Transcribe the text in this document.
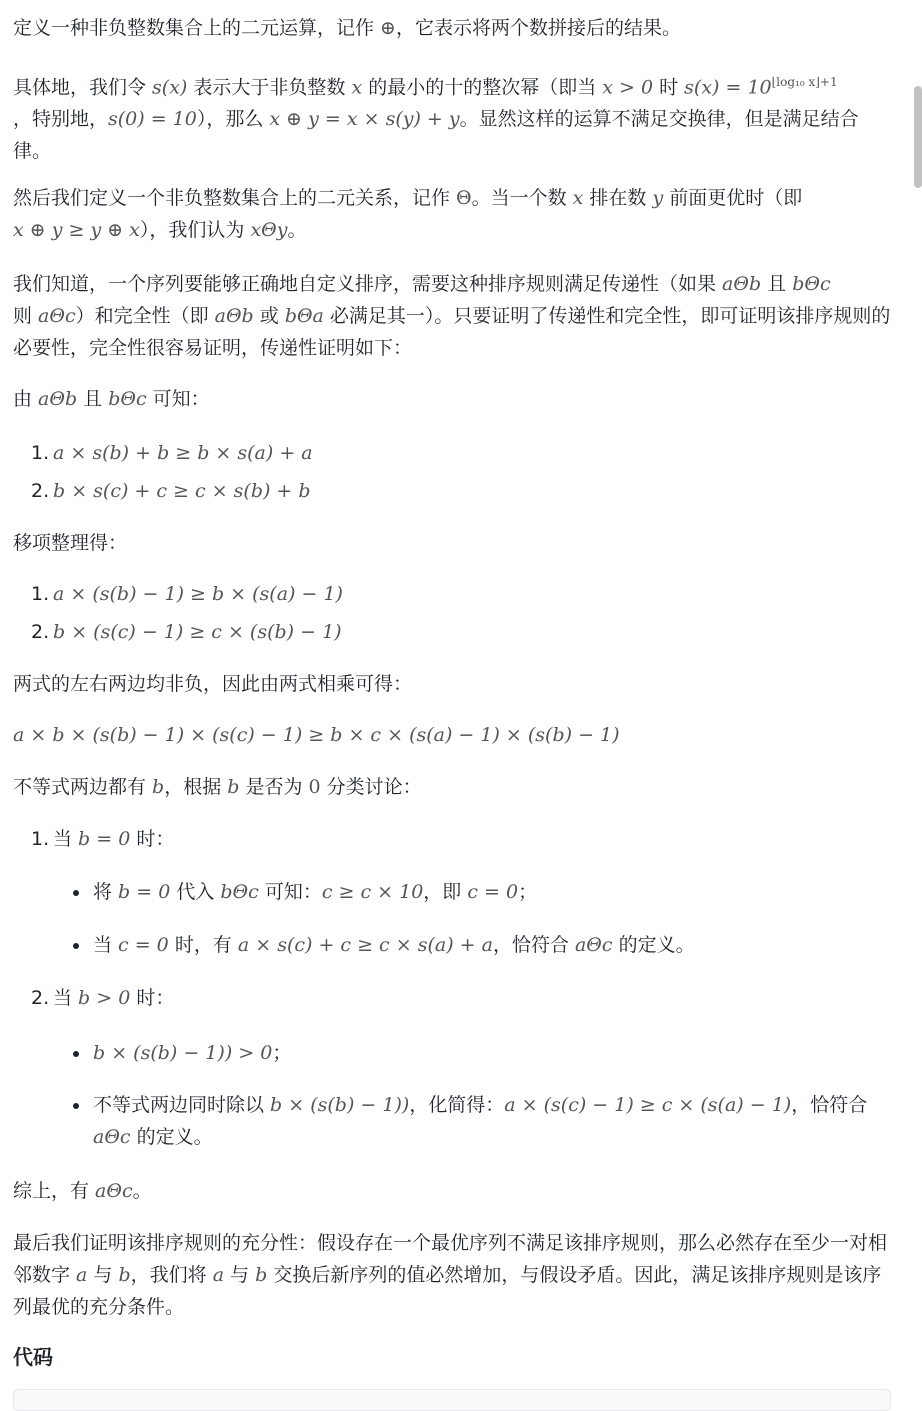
定义一种非负整数集合上的二元运算，记作 ⊕，它表示将两个数拼接后的结果。

具体地，我们令 s(x) 表示大于非负整数 x 的最小的十的整次幂（即当 x > 0 时 $s(x) = 10^{⌊log_{10} x⌋+1}$
，特别地，s(0) = 10），那么 x ⊕ y = x × s(y) + y。显然这样的运算不满足交换律，但是满足结合律。

然后我们定义一个非负整数集合上的二元关系，记作 Θ。当一个数 x 排在数 y 前面更优时（即
x ⊕ y ≥ y ⊕ x），我们认为 xΘy。

我们知道，一个序列要能够正确地自定义排序，需要这种排序规则满足传递性（如果 aΘb 且 bΘc
则 aΘc）和完全性（即 aΘb 或 bΘa 必满足其一）。只要证明了传递性和完全性，即可证明该排序规则的必要性，完全性很容易证明，传递性证明如下：

由 aΘb 且 bΘc 可知：

1. a × s(b) + b ≥ b × s(a) + a
2. b × s(c) + c ≥ c × s(b) + b

移项整理得：

1. a × (s(b) − 1) ≥ b × (s(a) − 1)
2. b × (s(c) − 1) ≥ c × (s(b) − 1)

两式的左右两边均非负，因此由两式相乘可得：

a × b × (s(b) − 1) × (s(c) − 1) ≥ b × c × (s(a) − 1) × (s(b) − 1)

不等式两边都有 b，根据 b 是否为 0 分类讨论：

1. 当 b = 0 时：
将 b = 0 代入 bΘc 可知：c ≥ c × 10，即 c = 0；
当 c = 0 时，有 a × s(c) + c ≥ c × s(a) + a，恰符合 aΘc 的定义。
2. 当 b > 0 时：
b × (s(b) − 1)) > 0；
不等式两边同时除以 b × (s(b) − 1))，化简得：a × (s(c) − 1) ≥ c × (s(a) − 1)，恰符合
aΘc 的定义。

综上，有 aΘc。

最后我们证明该排序规则的充分性：假设存在一个最优序列不满足该排序规则，那么必然存在至少一对相邻数字 a 与 b，我们将 a 与 b 交换后新序列的值必然增加，与假设矛盾。因此，满足该排序规则是该序列最优的充分条件。

代码
